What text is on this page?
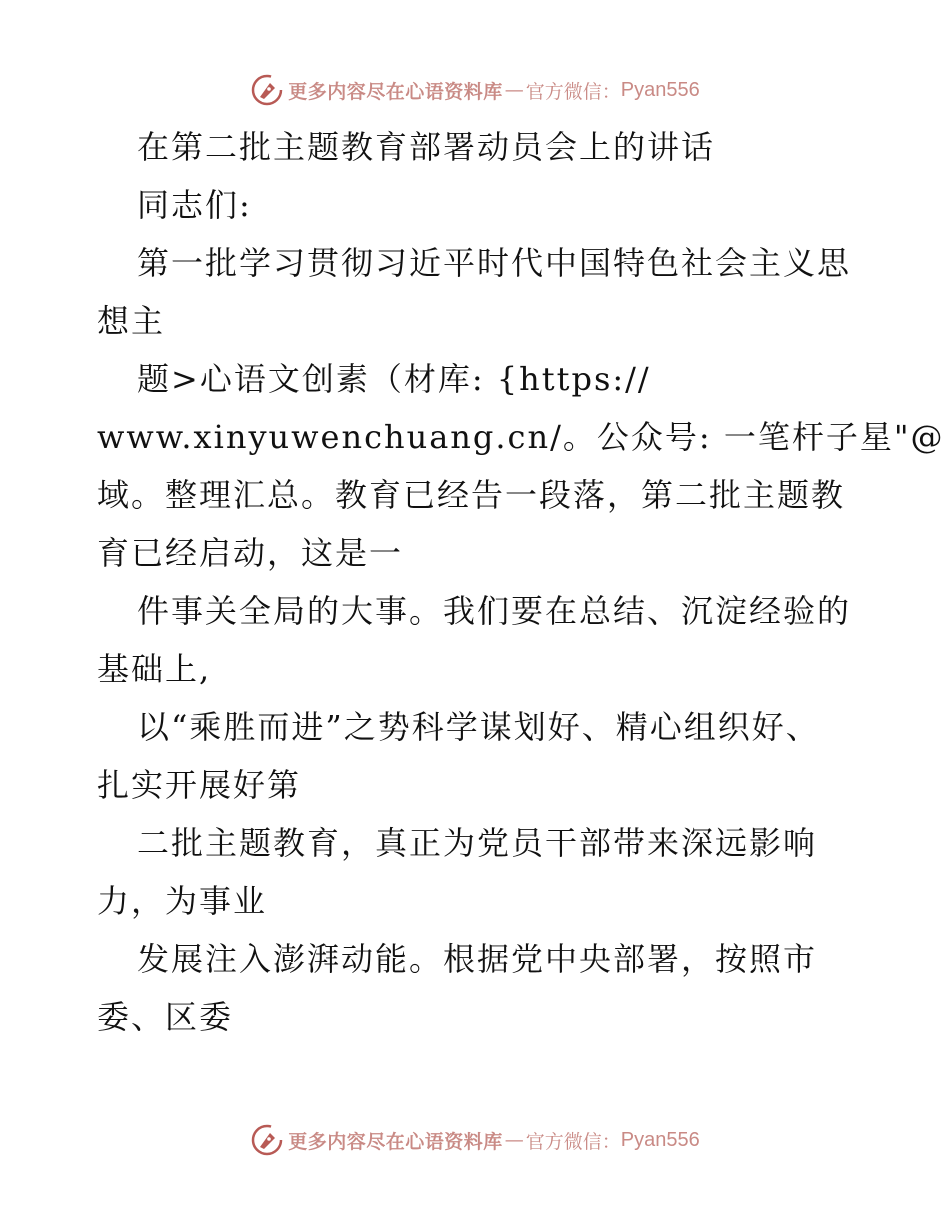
更多内容尽在心语资料库 — 官方微信： Pyan556
在第二批主题教育部署动员会上的讲话
同志们:
第一批学习贯彻习近平时代中国特色社会主义思
想主
题>心语文创素（材库: {https://
www.xinyuwenchuang.cn/。公众号: 一笔杆子星"@
域。整理汇总。教育已经告一段落，第二批主题教
育已经启动，这是一
件事关全局的大事。我们要在总结、沉淀经验的
基础上,
以“乘胜而进”之势科学谋划好、精心组织好、
扎实开展好第
二批主题教育，真正为党员干部带来深远影响
力，为事业
发展注入澎湃动能。根据党中央部署，按照市
委、区委
更多内容尽在心语资料库 — 官方微信： Pyan556
